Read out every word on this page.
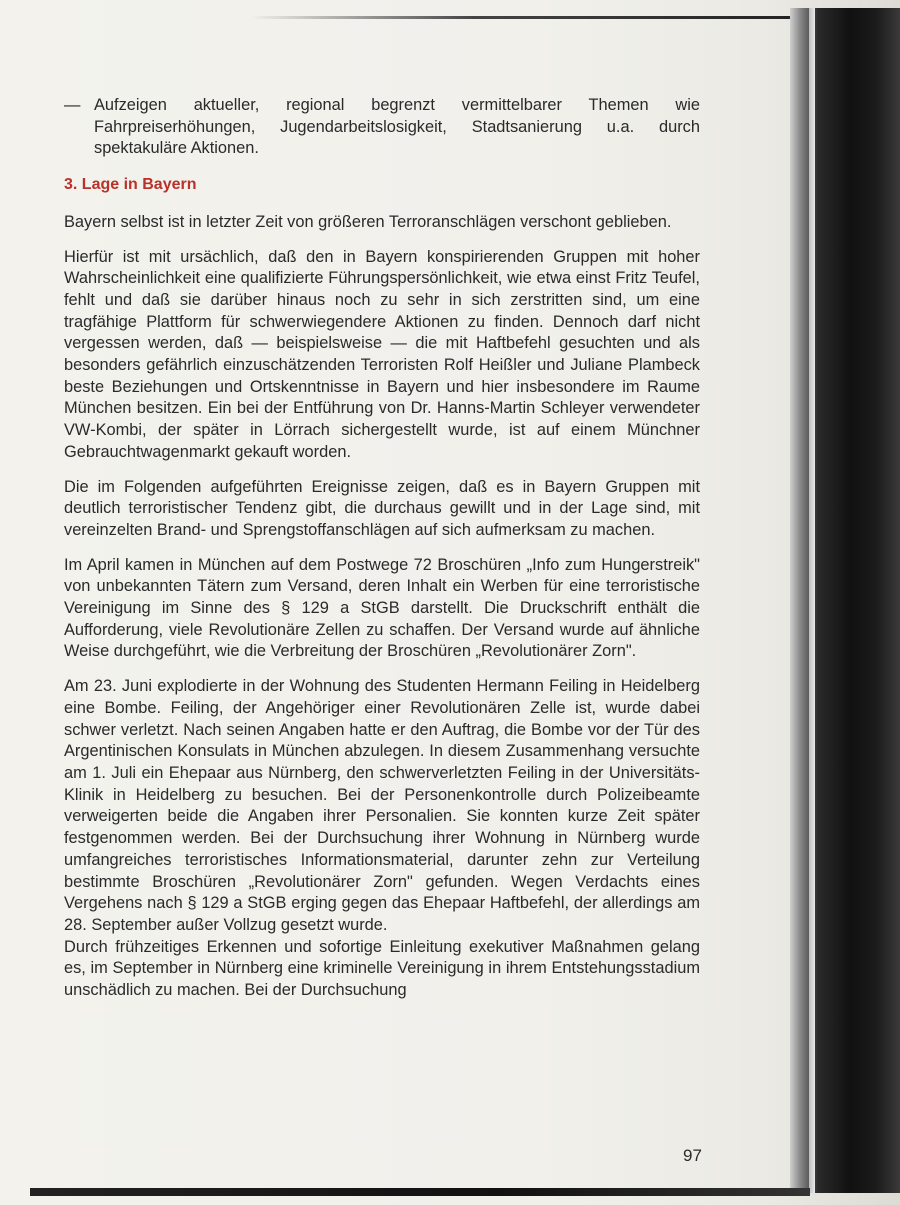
— Aufzeigen aktueller, regional begrenzt vermittelbarer Themen wie Fahrpreiserhöhungen, Jugendarbeitslosigkeit, Stadtsanierung u.a. durch spektakuläre Aktionen.
3. Lage in Bayern

Bayern selbst ist in letzter Zeit von größeren Terroranschlägen verschont geblieben.

Hierfür ist mit ursächlich, daß den in Bayern konspirierenden Gruppen mit hoher Wahrscheinlichkeit eine qualifizierte Führungspersönlichkeit, wie etwa einst Fritz Teufel, fehlt und daß sie darüber hinaus noch zu sehr in sich zerstritten sind, um eine tragfähige Plattform für schwerwiegendere Aktionen zu finden. Dennoch darf nicht vergessen werden, daß — beispielsweise — die mit Haftbefehl gesuchten und als besonders gefährlich einzuschätzenden Terroristen Rolf Heißler und Juliane Plambeck beste Beziehungen und Ortskenntnisse in Bayern und hier insbesondere im Raume München besitzen. Ein bei der Entführung von Dr. Hanns-Martin Schleyer verwendeter VW-Kombi, der später in Lörrach sichergestellt wurde, ist auf einem Münchner Gebrauchtwagenmarkt gekauft worden.

Die im Folgenden aufgeführten Ereignisse zeigen, daß es in Bayern Gruppen mit deutlich terroristischer Tendenz gibt, die durchaus gewillt und in der Lage sind, mit vereinzelten Brand- und Sprengstoffanschlägen auf sich aufmerksam zu machen.

Im April kamen in München auf dem Postwege 72 Broschüren „Info zum Hungerstreik" von unbekannten Tätern zum Versand, deren Inhalt ein Werben für eine terroristische Vereinigung im Sinne des § 129 a StGB darstellt. Die Druckschrift enthält die Aufforderung, viele Revolutionäre Zellen zu schaffen. Der Versand wurde auf ähnliche Weise durchgeführt, wie die Verbreitung der Broschüren „Revolutionärer Zorn".

Am 23. Juni explodierte in der Wohnung des Studenten Hermann Feiling in Heidelberg eine Bombe. Feiling, der Angehöriger einer Revolutionären Zelle ist, wurde dabei schwer verletzt. Nach seinen Angaben hatte er den Auftrag, die Bombe vor der Tür des Argentinischen Konsulats in München abzulegen. In diesem Zusammenhang versuchte am 1. Juli ein Ehepaar aus Nürnberg, den schwerverletzten Feiling in der Universitäts-Klinik in Heidelberg zu besuchen. Bei der Personenkontrolle durch Polizeibeamte verweigerten beide die Angaben ihrer Personalien. Sie konnten kurze Zeit später festgenommen werden. Bei der Durchsuchung ihrer Wohnung in Nürnberg wurde umfangreiches terroristisches Informationsmaterial, darunter zehn zur Verteilung bestimmte Broschüren „Revolutionärer Zorn" gefunden. Wegen Verdachts eines Vergehens nach § 129 a StGB erging gegen das Ehepaar Haftbefehl, der allerdings am 28. September außer Vollzug gesetzt wurde.

Durch frühzeitiges Erkennen und sofortige Einleitung exekutiver Maßnahmen gelang es, im September in Nürnberg eine kriminelle Vereinigung in ihrem Entstehungsstadium unschädlich zu machen. Bei der Durchsuchung

97
